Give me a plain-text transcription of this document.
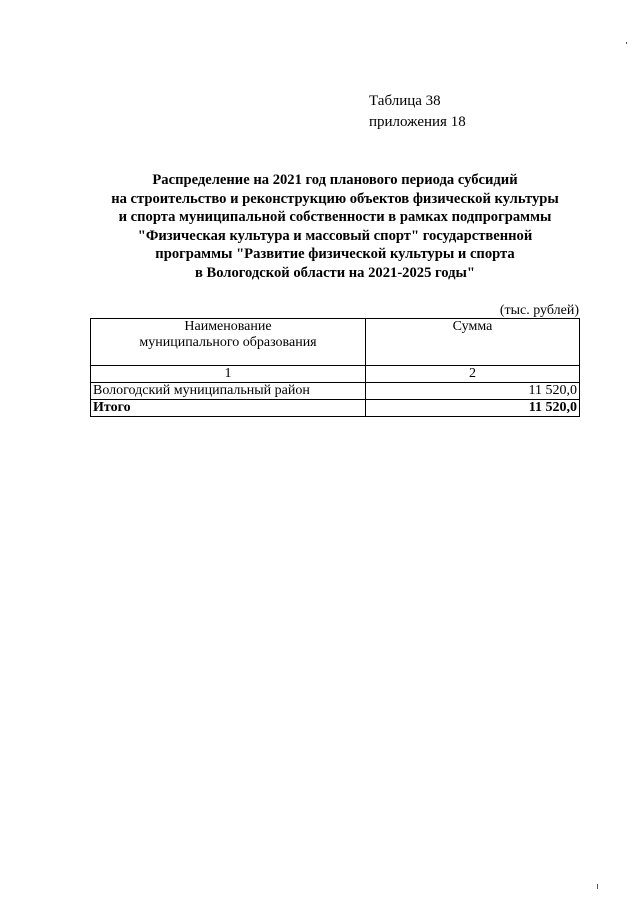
Таблица 38
приложения 18
Распределение на 2021 год планового периода субсидий
на строительство и реконструкцию объектов физической культуры
и спорта муниципальной собственности в рамках подпрограммы
"Физическая культура и массовый спорт" государственной
программы "Развитие физической культуры и спорта
в Вологодской области на 2021-2025 годы"
(тыс. рублей)
Наименование
муниципального образования	Сумма
1	2
Вологодский муниципальный район	11 520,0
Итого	11 520,0
